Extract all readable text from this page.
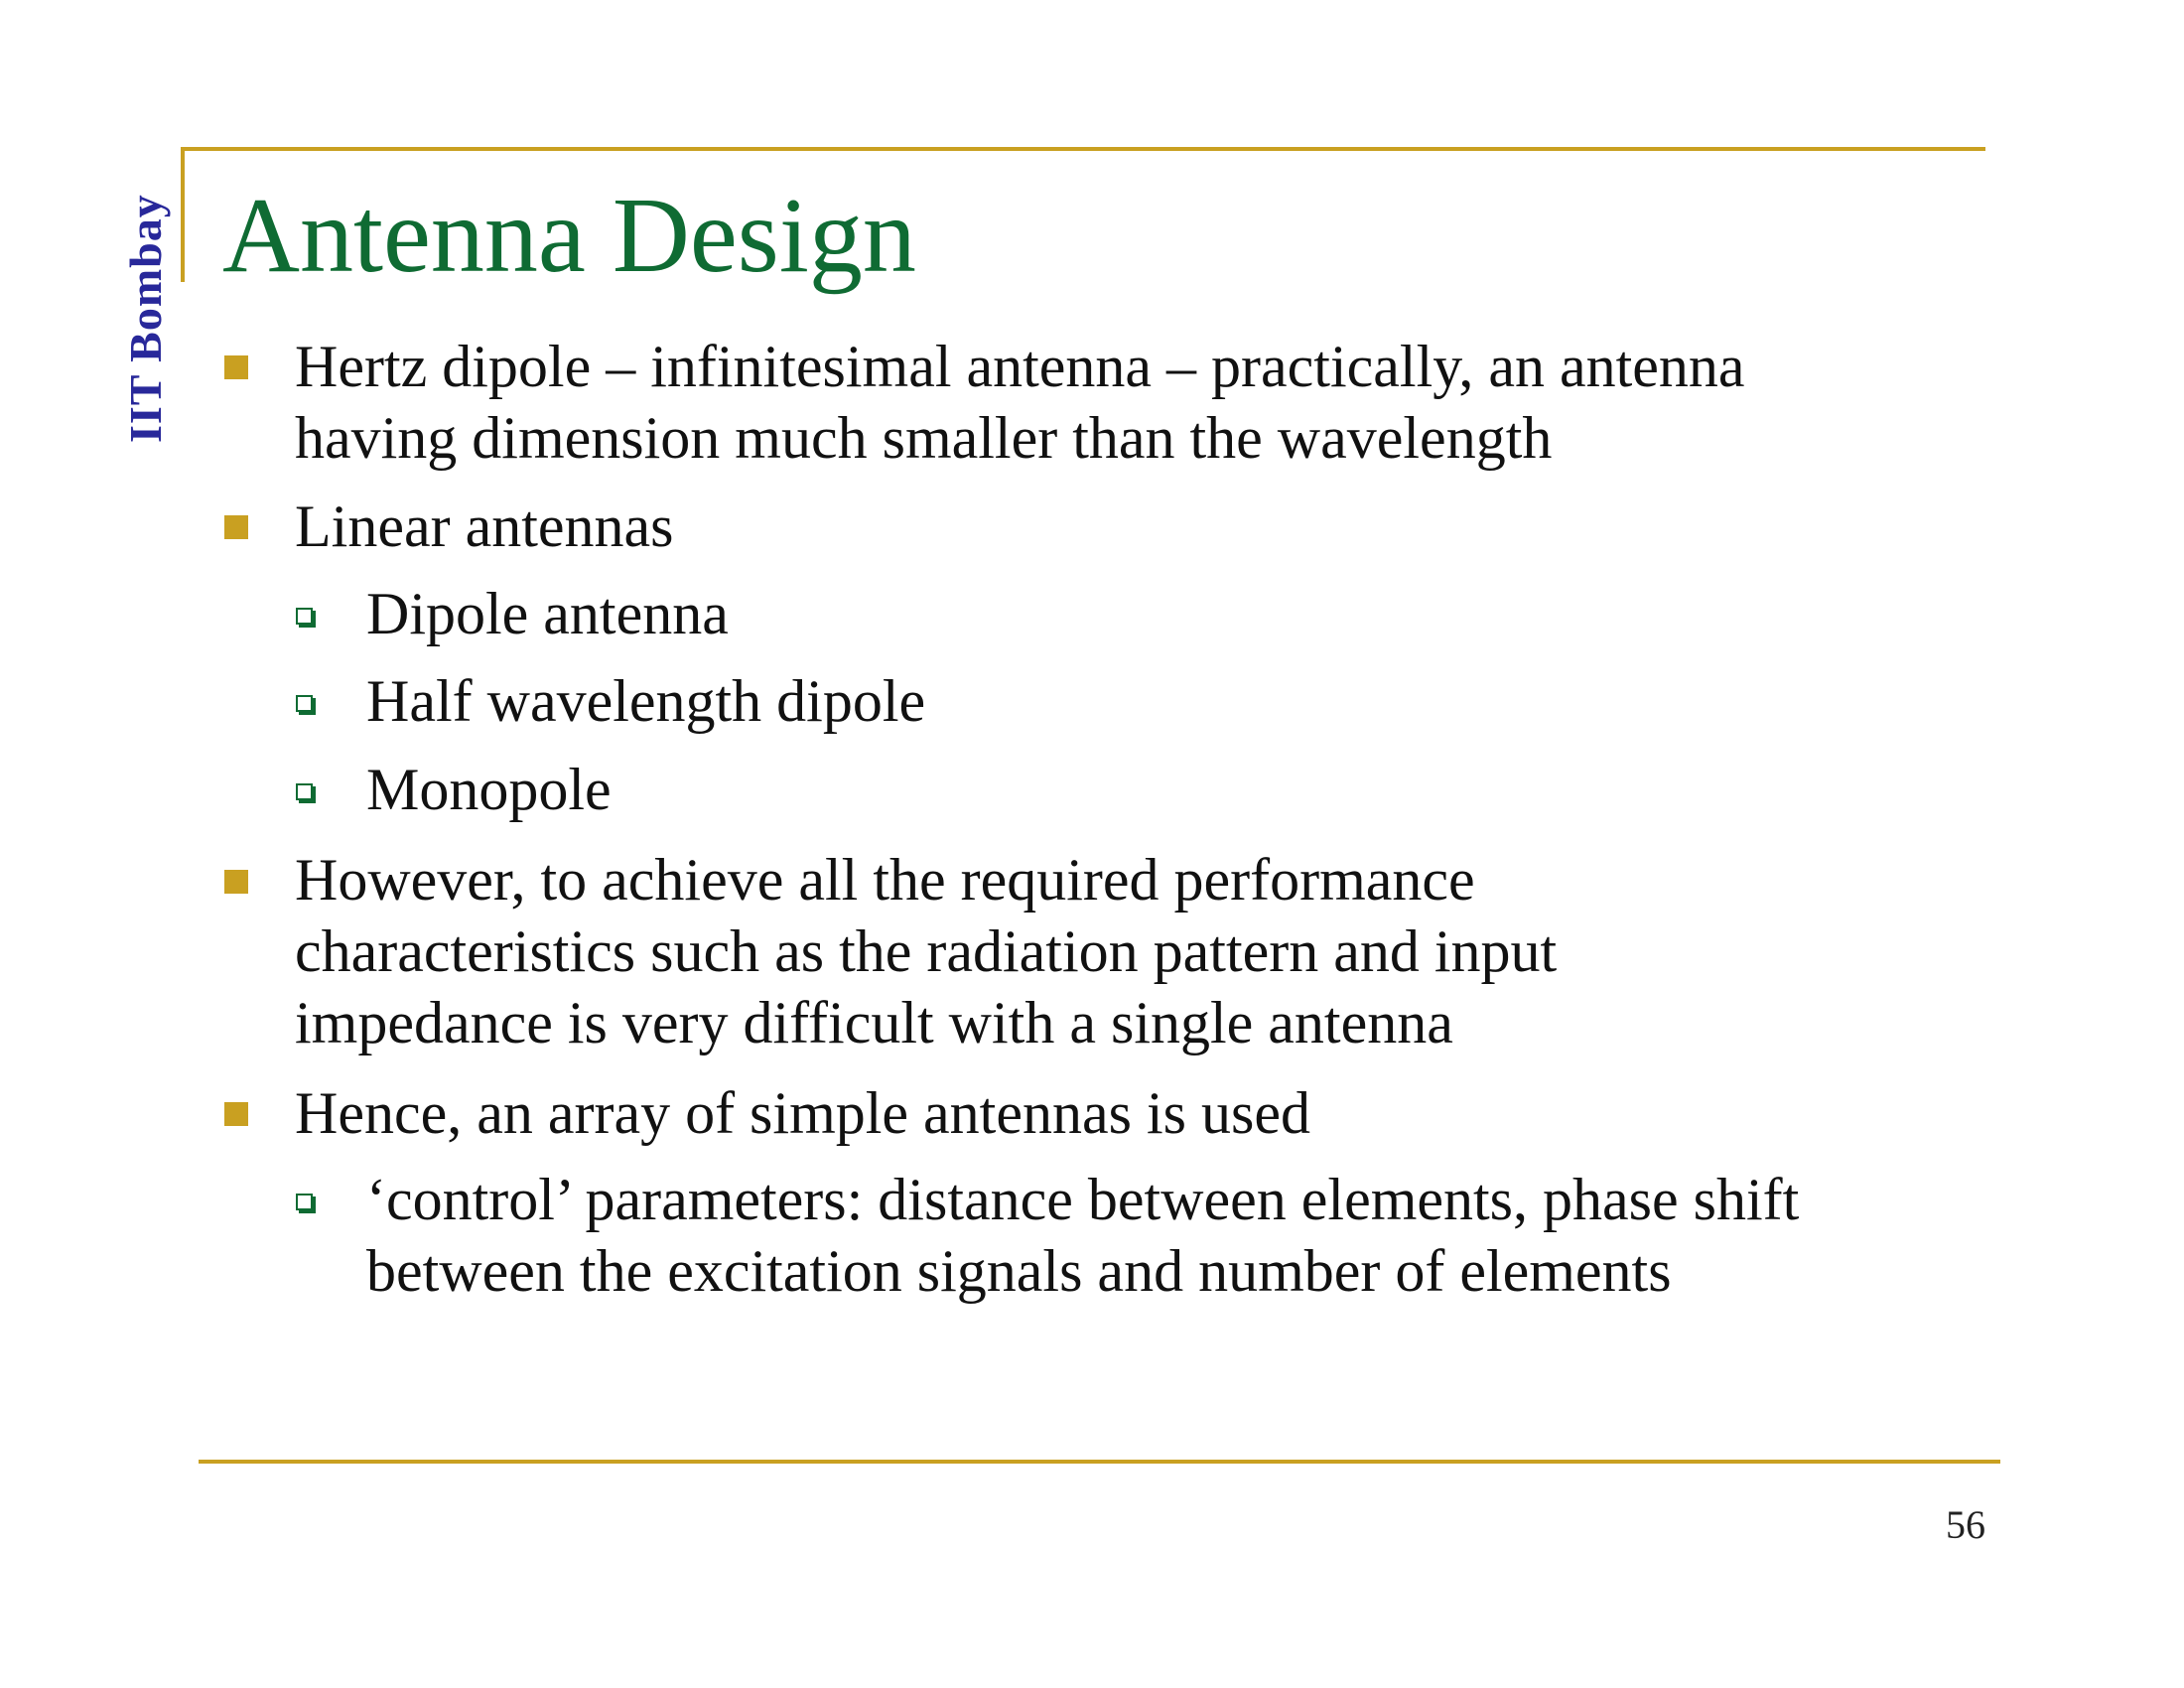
IIT Bombay Antenna Design
Hertz dipole – infinitesimal antenna – practically, an antenna
having dimension much smaller than the wavelength
Linear antennas
Dipole antenna
Half wavelength dipole
Monopole
However, to achieve all the required performance
characteristics such as the radiation pattern and input
impedance is very difficult with a single antenna
Hence, an array of simple antennas is used
‘control’ parameters: distance between elements, phase shift
between the excitation signals and number of elements
56
